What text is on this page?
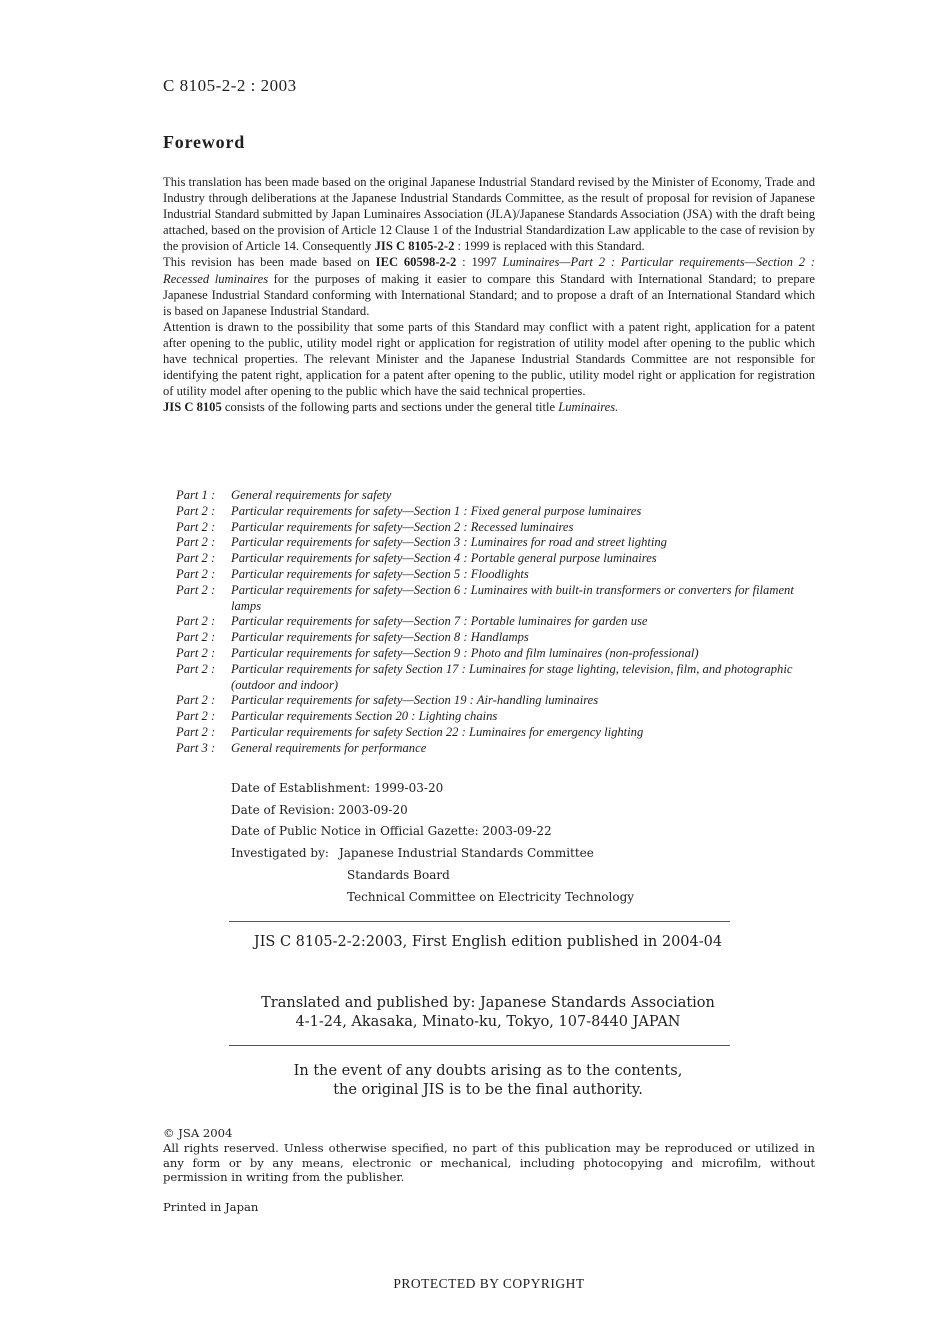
C 8105-2-2 : 2003
Foreword

This translation has been made based on the original Japanese Industrial Standard revised by the Minister of Economy, Trade and Industry through deliberations at the Japanese Industrial Standards Committee, as the result of proposal for revision of Japanese Industrial Standard submitted by Japan Luminaires Association (JLA)/Japanese Standards Association (JSA) with the draft being attached, based on the provision of Article 12 Clause 1 of the Industrial Standardization Law applicable to the case of revision by the provision of Article 14. Consequently JIS C 8105-2-2 : 1999 is replaced with this Standard.

This revision has been made based on IEC 60598-2-2 : 1997 Luminaires—Part 2 : Particular requirements—Section 2 : Recessed luminaires for the purposes of making it easier to compare this Standard with International Standard; to prepare Japanese Industrial Standard conforming with International Standard; and to propose a draft of an International Standard which is based on Japanese Industrial Standard.

Attention is drawn to the possibility that some parts of this Standard may conflict with a patent right, application for a patent after opening to the public, utility model right or application for registration of utility model after opening to the public which have technical properties. The relevant Minister and the Japanese Industrial Standards Committee are not responsible for identifying the patent right, application for a patent after opening to the public, utility model right or application for registration of utility model after opening to the public which have the said technical properties.

JIS C 8105 consists of the following parts and sections under the general title Luminaires.

Part 1 :	General requirements for safety
Part 2 :	Particular requirements for safety—Section 1 : Fixed general purpose luminaires
Part 2 :	Particular requirements for safety—Section 2 : Recessed luminaires
Part 2 :	Particular requirements for safety—Section 3 : Luminaires for road and street lighting
Part 2 :	Particular requirements for safety—Section 4 : Portable general purpose luminaires
Part 2 :	Particular requirements for safety—Section 5 : Floodlights
Part 2 :	Particular requirements for safety—Section 6 : Luminaires with built-in transformers or converters for filament lamps
Part 2 :	Particular requirements for safety—Section 7 : Portable luminaires for garden use
Part 2 :	Particular requirements for safety—Section 8 : Handlamps
Part 2 :	Particular requirements for safety—Section 9 : Photo and film luminaires (non-professional)
Part 2 :	Particular requirements for safety Section 17 : Luminaires for stage lighting, television, film, and photographic (outdoor and indoor)
Part 2 :	Particular requirements for safety—Section 19 : Air-handling luminaires
Part 2 :	Particular requirements Section 20 : Lighting chains
Part 2 :	Particular requirements for safety Section 22 : Luminaires for emergency lighting
Part 3 :	General requirements for performance
Date of Establishment: 1999-03-20
Date of Revision: 2003-09-20
Date of Public Notice in Official Gazette: 2003-09-22
Investigated by: Japanese Industrial Standards Committee
Standards Board
Technical Committee on Electricity Technology
JIS C 8105-2-2:2003, First English edition published in 2004-04
Translated and published by: Japanese Standards Association
4-1-24, Akasaka, Minato-ku, Tokyo, 107-8440 JAPAN
In the event of any doubts arising as to the contents,
the original JIS is to be the final authority.
© JSA 2004
All rights reserved. Unless otherwise specified, no part of this publication may be reproduced or utilized in any form or by any means, electronic or mechanical, including photocopying and microfilm, without permission in writing from the publisher.
Printed in Japan
PROTECTED BY COPYRIGHT
